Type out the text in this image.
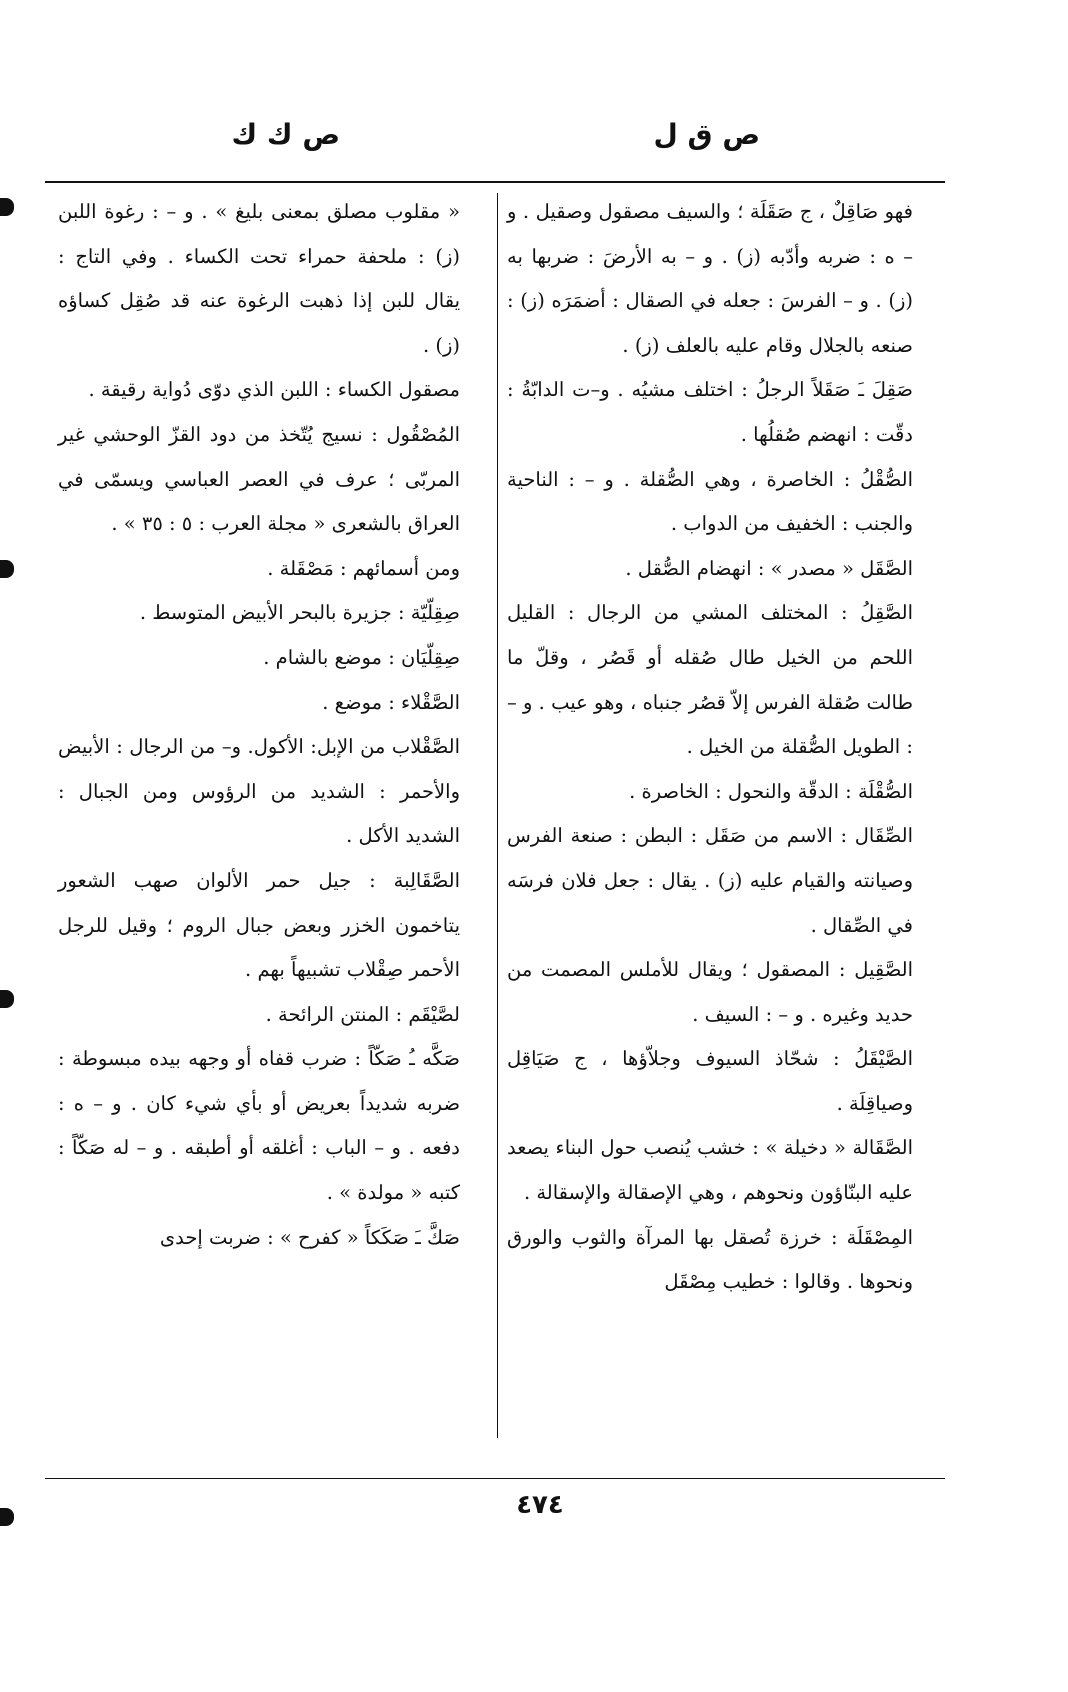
ص ق ل
ص ك ك

فهو صَاقِلٌ ، ج صَقَلَة ؛ والسيف مصقول وصقيل . و – ه : ضربه وأدّبه (ز) . و – به الأرضَ : ضربها به (ز) . و – الفرسَ : جعله في الصقال : أضمَرَه (ز) : صنعه بالجلال وقام عليه بالعلف (ز) .

صَقِلَ ـَ صَقَلاً الرجلُ : اختلف مشيُه . و–ت الدابّةُ : دقّت : انهضم صُقلُها .

الصُّقْلُ : الخاصرة ، وهي الصُّقلة . و – : الناحية والجنب : الخفيف من الدواب .

الصَّقَل « مصدر » : انهضام الصُّقل .

الصَّقِلُ : المختلف المشي من الرجال : القليل اللحم من الخيل طال صُقله أو قَصُر ، وقلّ ما طالت صُقلة الفرس إلاّ قصُر جنباه ، وهو عيب . و – : الطويل الصُّقلة من الخيل .

الصُّقْلَة : الدقّة والنحول : الخاصرة .

الصِّقَال : الاسم من صَقَل : البطن : صنعة الفرس وصيانته والقيام عليه (ز) . يقال : جعل فلان فرسَه في الصِّقال .

الصَّقِيل : المصقول ؛ ويقال للأملس المصمت من حديد وغيره . و – : السيف .

الصَّيْقَلُ : شحّاذ السيوف وجلاّؤها ، ج صَيَاقِل وصياقِلَة .

الصَّقَالة « دخيلة » : خشب يُنصب حول البناء يصعد عليه البنّاؤون ونحوهم ، وهي الإصقالة والإسقالة .

المِصْقَلَة : خرزة تُصقل بها المرآة والثوب والورق ونحوها . وقالوا : خطيب مِصْقَل

« مقلوب مصلق بمعنى بليغ » . و – : رغوة اللبن (ز) : ملحفة حمراء تحت الكساء . وفي التاج : يقال للبن إذا ذهبت الرغوة عنه قد صُقِل كساؤه (ز) .

مصقول الكساء : اللبن الذي دوّى دُواية رقيقة .

المُصْقُول : نسيج يُتّخذ من دود القزّ الوحشي غير المربّى ؛ عرف في العصر العباسي ويسمّى في العراق بالشعرى « مجلة العرب : ٥ : ٣٥ » .

ومن أسمائهم : مَصْقَلة .

صِقِلّيّة : جزيرة بالبحر الأبيض المتوسط .

صِقِلّيَان : موضع بالشام .

الصَّقْلاء : موضع .

الصَّقْلاب من الإبل: الأكول. و– من الرجال : الأبيض والأحمر : الشديد من الرؤوس ومن الجبال : الشديد الأكل .

الصَّقَالِبة : جيل حمر الألوان صهب الشعور يتاخمون الخزر وبعض جبال الروم ؛ وقيل للرجل الأحمر صِقْلاب تشبيهاً بهم .

لصَّيْقَم : المنتن الرائحة .

صَكَّه ـُ صَكّاً : ضرب قفاه أو وجهه بيده مبسوطة : ضربه شديداً بعريض أو بأي شيء كان . و – ه : دفعه . و – الباب : أغلقه أو أطبقه . و – له صَكّاً : كتبه « مولدة » .

صَكَّ ـَ صَكَكاً « كفرح » : ضربت إحدى

٤٧٤
